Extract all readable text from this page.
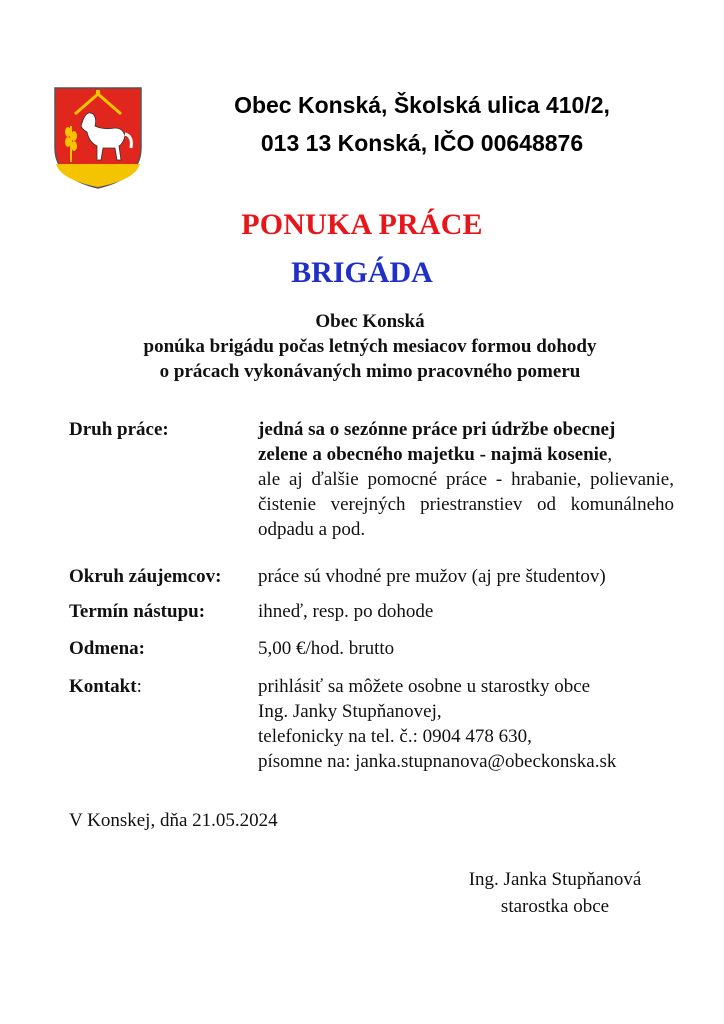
Obec Konská, Školská ulica 410/2,
013 13 Konská, IČO 00648876
PONUKA PRÁCE
BRIGÁDA
Obec Konská
ponúka brigádu počas letných mesiacov formou dohody
o prácach vykonávaných mimo pracovného pomeru
Druh práce:	jedná sa o sezónne práce pri údržbe obecnej
zelene a obecného majetku - najmä kosenie,
ale aj ďalšie pomocné práce - hrabanie, polievanie, čistenie verejných priestranstiev od komunálneho odpadu a pod.
Okruh záujemcov: práce sú vhodné pre mužov (aj pre študentov)
Termín nástupu:	ihneď, resp. po dohode
Odmena:	5,00 €/hod. brutto
Kontakt:	prihlásiť sa môžete osobne u starostky obce
Ing. Janky Stupňanovej,
telefonicky na tel. č.: 0904 478 630,
písomne na: janka.stupnanova@obeckonska.sk
V Konskej, dňa 21.05.2024
Ing. Janka Stupňanová
starostka obce
